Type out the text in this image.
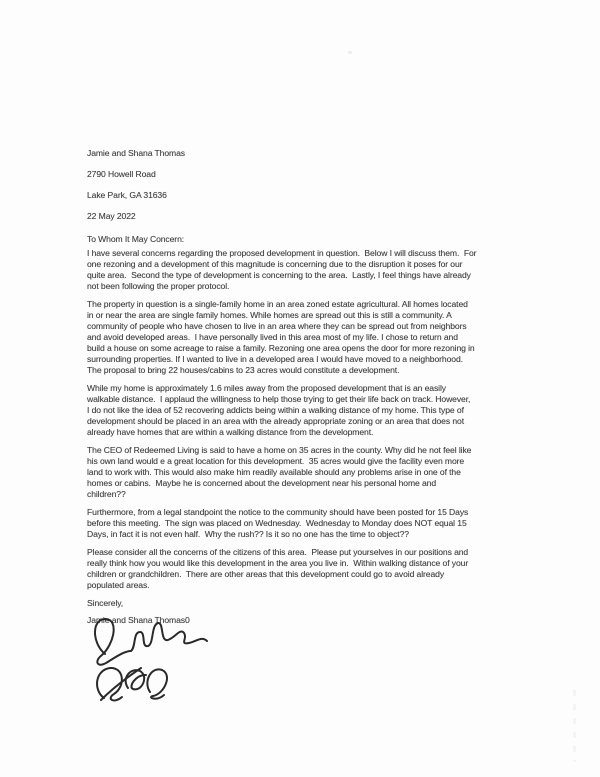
Jamie and Shana Thomas
2790 Howell Road
Lake Park, GA 31636
22 May 2022
To Whom It May Concern:
I have several concerns regarding the proposed development in question.  Below I will discuss them.  For
one rezoning and a development of this magnitude is concerning due to the disruption it poses for our
quite area.  Second the type of development is concerning to the area.  Lastly, I feel things have already
not been following the proper protocol.
The property in question is a single-family home in an area zoned estate agricultural. All homes located
in or near the area are single family homes. While homes are spread out this is still a community. A
community of people who have chosen to live in an area where they can be spread out from neighbors
and avoid developed areas.  I have personally lived in this area most of my life. I chose to return and
build a house on some acreage to raise a family. Rezoning one area opens the door for more rezoning in
surrounding properties. If I wanted to live in a developed area I would have moved to a neighborhood.
The proposal to bring 22 houses/cabins to 23 acres would constitute a development.
While my home is approximately 1.6 miles away from the proposed development that is an easily
walkable distance.  I applaud the willingness to help those trying to get their life back on track. However,
I do not like the idea of 52 recovering addicts being within a walking distance of my home. This type of
development should be placed in an area with the already appropriate zoning or an area that does not
already have homes that are within a walking distance from the development.
The CEO of Redeemed Living is said to have a home on 35 acres in the county. Why did he not feel like
his own land would e a great location for this development.  35 acres would give the facility even more
land to work with. This would also make him readily available should any problems arise in one of the
homes or cabins.  Maybe he is concerned about the development near his personal home and
children??
Furthermore, from a legal standpoint the notice to the community should have been posted for 15 Days
before this meeting.  The sign was placed on Wednesday.  Wednesday to Monday does NOT equal 15
Days, in fact it is not even half.  Why the rush?? Is it so no one has the time to object??
Please consider all the concerns of the citizens of this area.  Please put yourselves in our positions and
really think how you would like this development in the area you live in.  Within walking distance of your
children or grandchildren.  There are other areas that this development could go to avoid already
populated areas.
Sincerely,
Jamie and Shana Thomas0
